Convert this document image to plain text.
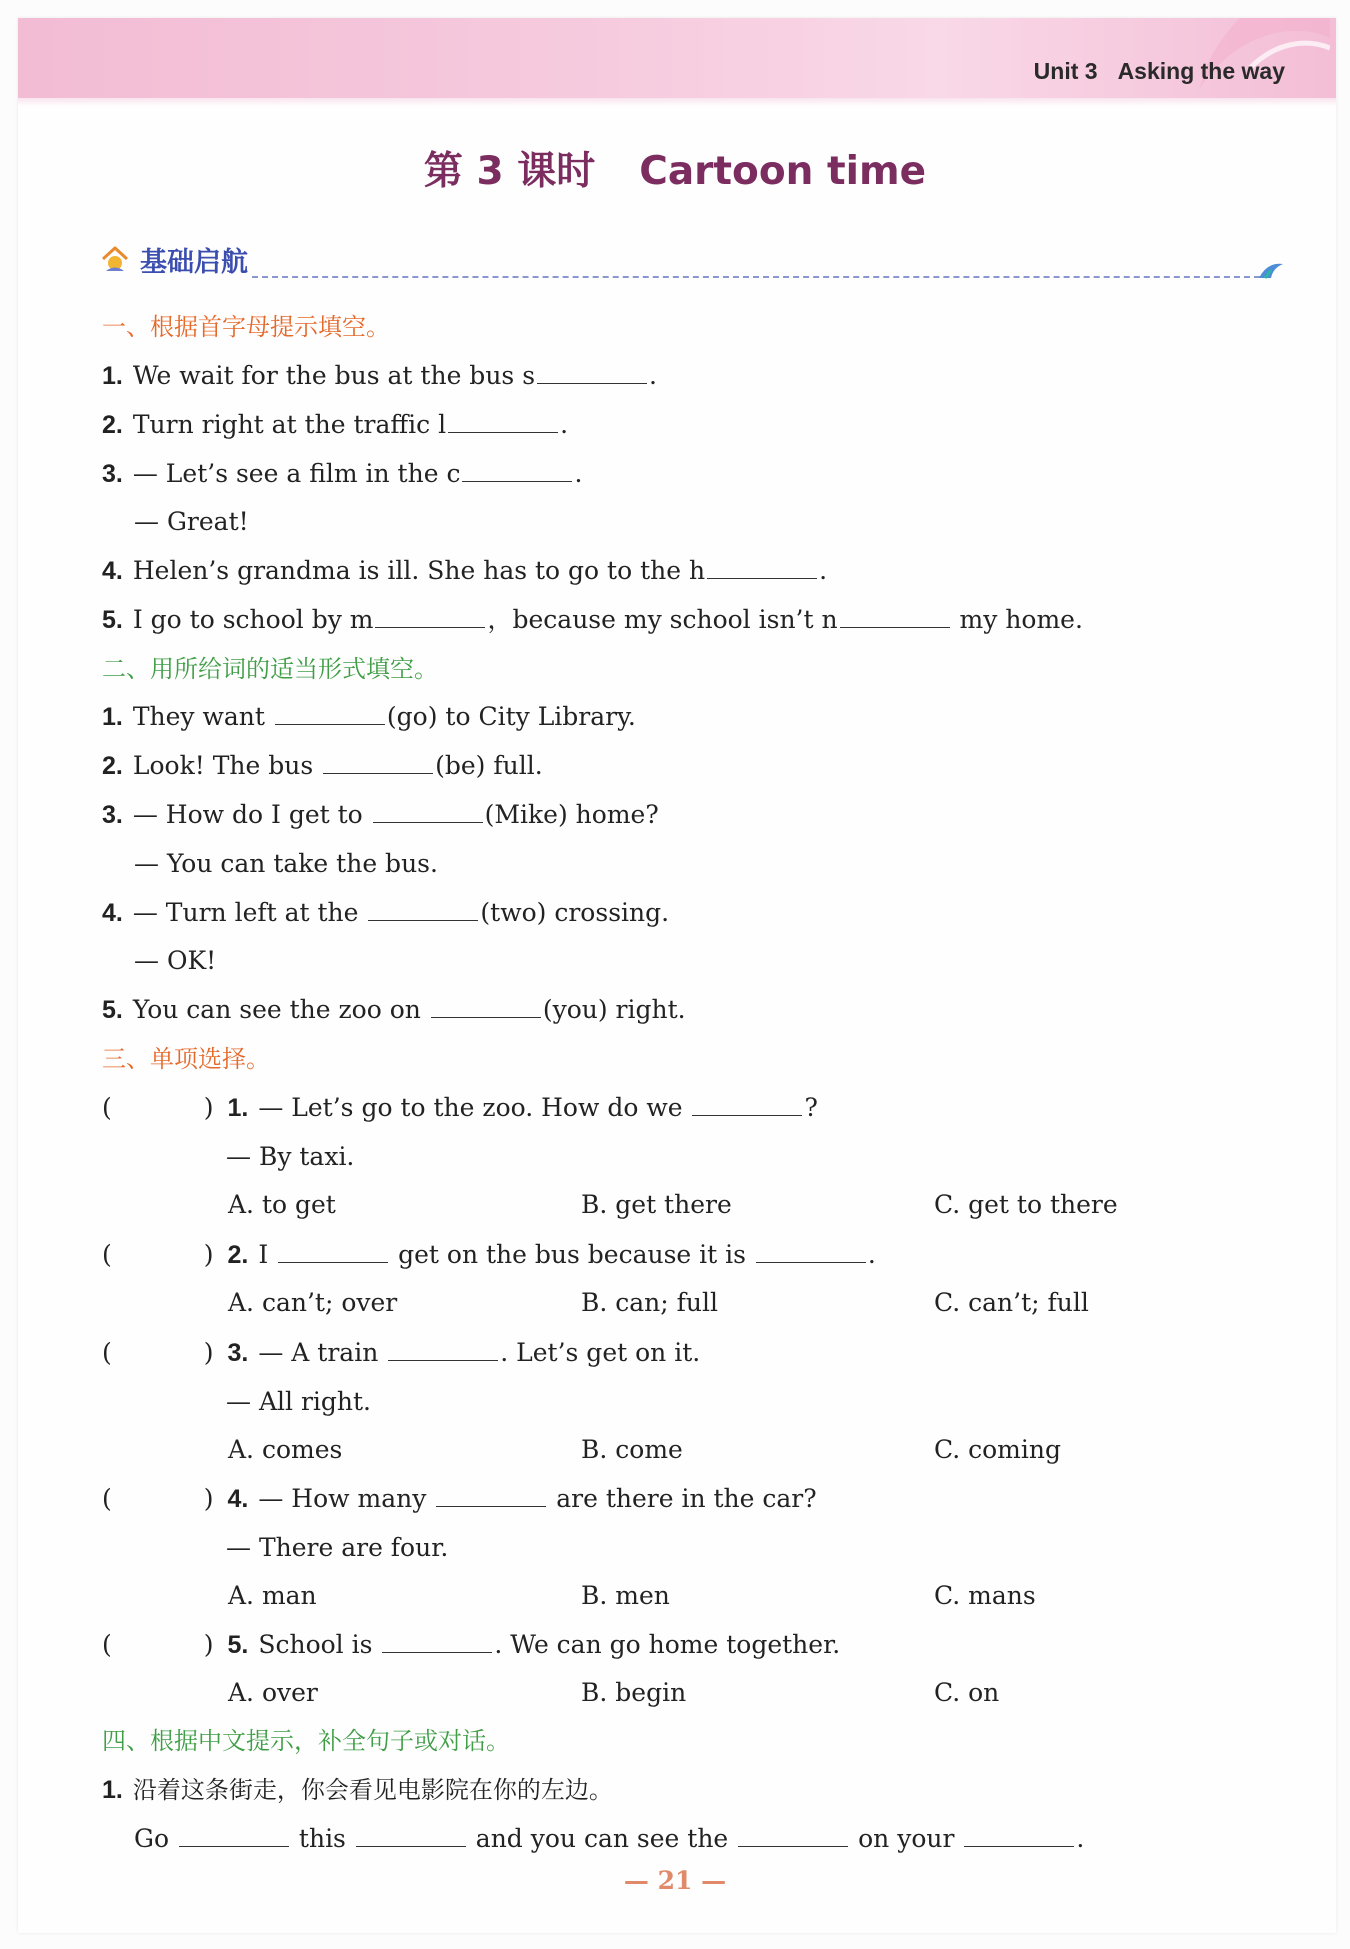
Unit 3 Asking the way
第 3 课时 Cartoon time
基础启航
一、根据首字母提示填空。
1. We wait for the bus at the bus s	.
2. Turn right at the traffic l	.
3. — Let’s see a film in the c	.
— Great!
4. Helen’s grandma is ill. She has to go to the h	.
5. I go to school by m	，because my school isn’t n	my home.
二、用所给词的适当形式填空。
1. They want	(go) to City Library.
2. Look! The bus	(be) full.
3. — How do I get to	(Mike) home?
— You can take the bus.
4. — Turn left at the	(two) crossing.
— OK!
5. You can see the zoo on	(you) right.
三、单项选择。
(	) 1. — Let’s go to the zoo. How do we	?
— By taxi.
A. to get	B. get there	C. get to there
(	) 2. I	get on the bus because it is	.
A. can’t; over	B. can; full	C. can’t; full
(	) 3. — A train	. Let’s get on it.
— All right.
A. comes	B. come	C. coming
(	) 4. — How many	are there in the car?
— There are four.
A. man	B. men	C. mans
(	) 5. School is	. We can go home together.
A. over	B. begin	C. on
四、根据中文提示，补全句子或对话。
1. 沿着这条街走，你会看见电影院在你的左边。
Go	this	and you can see the	on your	.
— 21 —
